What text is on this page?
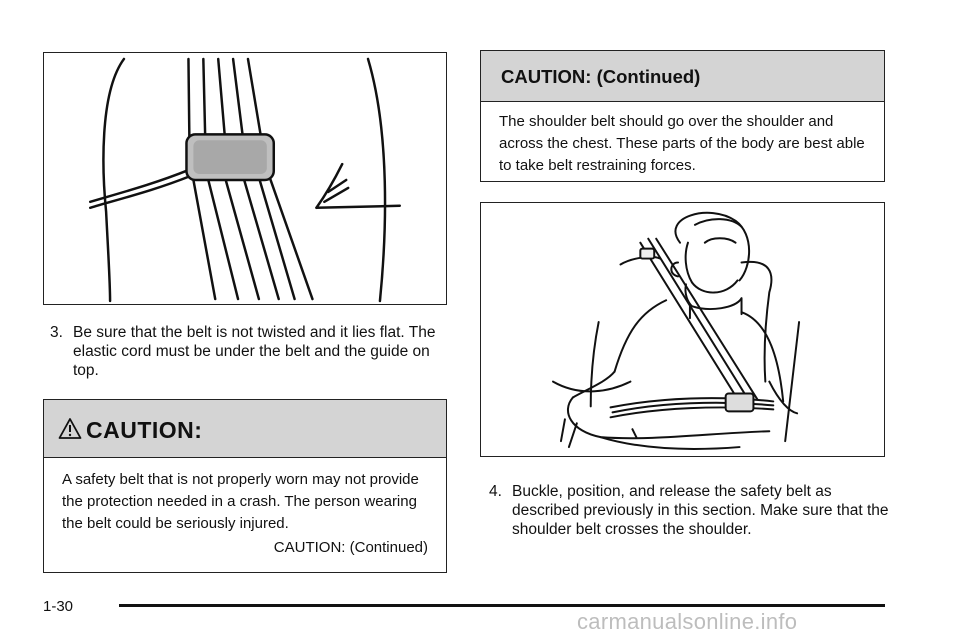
3. Be sure that the belt is not twisted and it lies flat. The elastic cord must be under the belt and the guide on top.
CAUTION:
A safety belt that is not properly worn may not provide the protection needed in a crash. The person wearing the belt could be seriously injured.
CAUTION: (Continued)
CAUTION: (Continued)
The shoulder belt should go over the shoulder and across the chest. These parts of the body are best able to take belt restraining forces.
4. Buckle, position, and release the safety belt as described previously in this section. Make sure that the shoulder belt crosses the shoulder.
1-30
carmanualsonline.info
